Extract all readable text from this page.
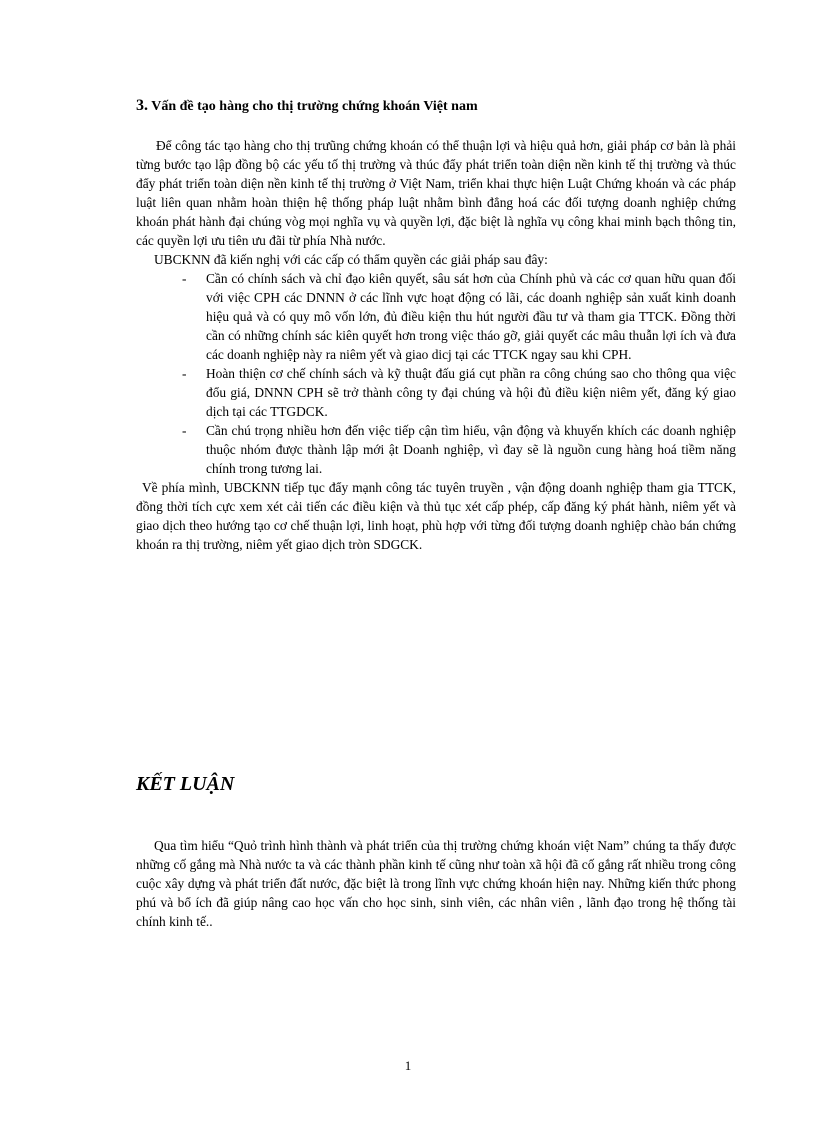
3. Vấn đề tạo hàng cho thị trường chứng khoán Việt nam

Để công tác tạo hàng cho thị trưũng chứng khoán có thể thuận lợi và hiệu quả hơn, giải pháp cơ bản là phải từng bước tạo lập đồng bộ các yếu tố thị trường và thúc đẩy phát triển toàn diện nền kinh tế thị trường và thúc đẩy phát triển toàn diện nền kinh tế thị trường ở Việt Nam, triển khai thực hiện Luật Chứng khoán và các pháp luật liên quan nhằm hoàn thiện hệ thống pháp luật nhằm bình đẳng hoá các đối tượng doanh nghiệp chứng khoán phát hành đại chúng vòg mọi nghĩa vụ và quyền lợi, đặc biệt là nghĩa vụ công khai minh bạch thông tin, các quyền lợi ưu tiên ưu đãi từ phía Nhà nước.

UBCKNN đã kiến nghị với các cấp có thẩm quyền các giải pháp sau đây:

-	Cần có chính sách và chỉ đạo kiên quyết, sâu sát hơn của Chính phủ và các cơ quan hữu quan đối với việc CPH các DNNN ở các lĩnh vực hoạt động có lãi, các doanh nghiệp sản xuất kinh doanh hiệu quả và có quy mô vốn lớn, đủ điều kiện thu hút người đầu tư và tham gia TTCK. Đồng thời cần có những chính sác kiên quyết hơn trong việc tháo gỡ, giải quyết các mâu thuẫn lợi ích và đưa các doanh nghiệp này ra niêm yết và giao dicj tại các TTCK ngay sau khi CPH.
-	Hoàn thiện cơ chế chính sách và kỹ thuật đấu giá cụt phần ra công chúng sao cho thông qua việc đổu giá, DNNN CPH sẽ trở thành công ty đại chúng và hội đủ điều kiện niêm yết, đăng ký giao dịch tại các TTGDCK.
-	Cần chú trọng nhiều hơn đến việc tiếp cận tìm hiểu, vận động và khuyến khích các doanh nghiệp thuộc nhóm được thành lập mới ật Doanh nghiệp, vì đay sẽ là nguồn cung hàng hoá tiềm năng chính trong tương lai.

Về phía mình, UBCKNN tiếp tục đẩy mạnh công tác tuyên truyền , vận động doanh nghiệp tham gia TTCK, đồng thời tích cực xem xét cải tiến các điều kiện và thủ tục xét cấp phép, cấp đăng ký phát hành, niêm yết và giao dịch theo hướng tạo cơ chế thuận lợi, linh hoạt, phù hợp với từng đối tượng doanh nghiệp chào bán chứng khoán ra thị trường, niêm yết giao dịch tròn SDGCK.

KẾT LUẬN

Qua tìm hiểu “Quỏ trình hình thành và phát triển của thị trường chứng khoán việt Nam” chúng ta thấy được những cố gắng mà Nhà nước ta và các thành phần kinh tế cũng như toàn xã hội đã cố gắng rất nhiều trong công cuộc xây dựng và phát triển đất nước, đặc biệt là trong lĩnh vực chứng khoán hiện nay. Những kiến thức phong phú và bổ ích đã giúp nâng cao học vấn cho học sinh, sinh viên, các nhân viên , lãnh đạo trong hệ thống tài chính kinh tế..

1
